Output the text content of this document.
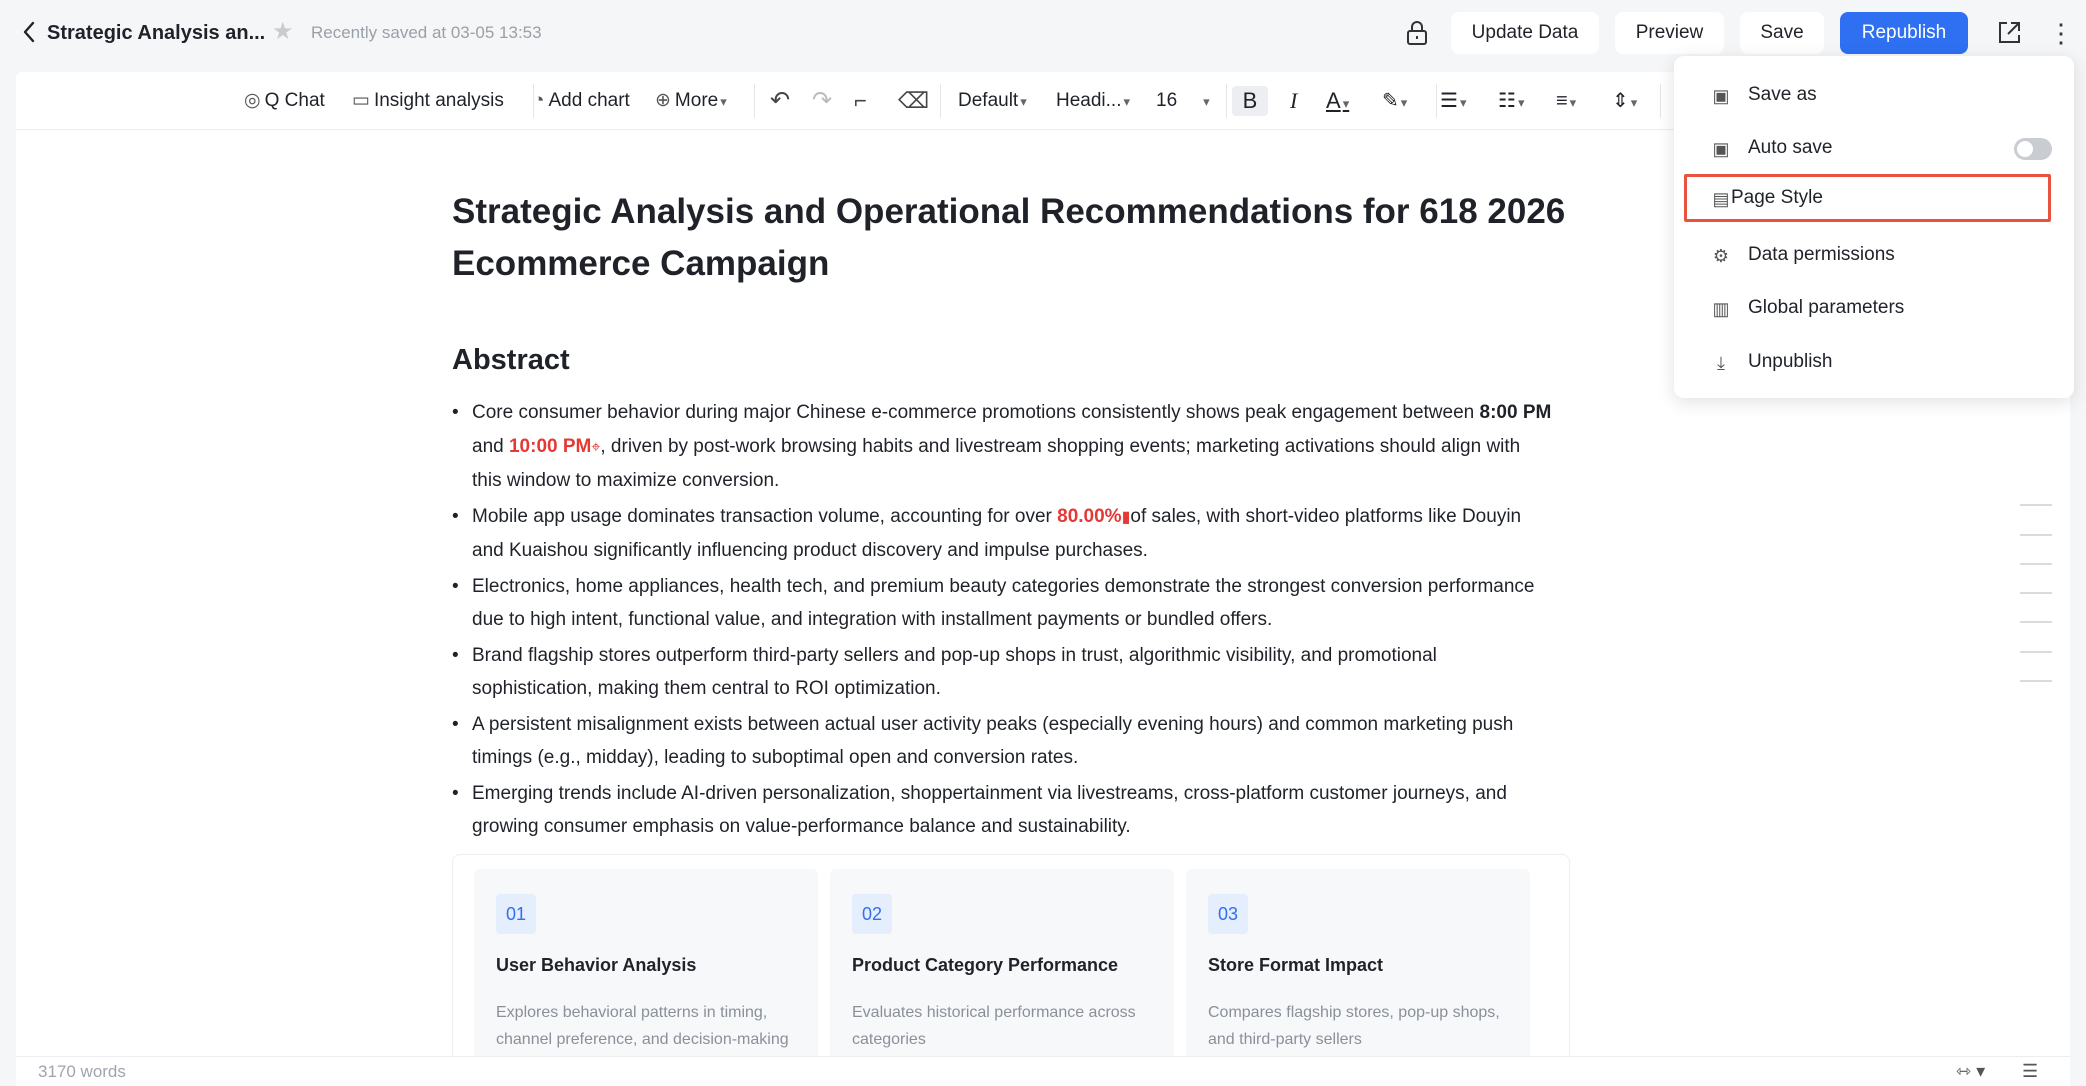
Strategic Analysis an... ★ Recently saved at 03-05 13:53	Update Data	Preview	Save	Republish	⋮
◎ Q Chat ▭ Insight analysis ◔ Add chart ⊕ More ▾ ↶ ↷ ⌐ ⌫ Default ▾ Headi... ▾ 16 ▾	B	I A ▾ ✎ ▾ ☰ ▾ ☷ ▾ ≡ ▾ ⇕ ▾
Strategic Analysis and Operational Recommendations for 618 2026 Ecommerce Campaign
Abstract
• Core consumer behavior during major Chinese e-commerce promotions consistently shows peak engagement between 8:00 PM and 10:00 PM⌖, driven by post-work browsing habits and livestream shopping events; marketing activations should align with this window to maximize conversion.
• Mobile app usage dominates transaction volume, accounting for over 80.00%▮of sales, with short-video platforms like Douyin and Kuaishou significantly influencing product discovery and impulse purchases.
• Electronics, home appliances, health tech, and premium beauty categories demonstrate the strongest conversion performance due to high intent, functional value, and integration with installment payments or bundled offers.
• Brand flagship stores outperform third-party sellers and pop-up shops in trust, algorithmic visibility, and promotional sophistication, making them central to ROI optimization.
• A persistent misalignment exists between actual user activity peaks (especially evening hours) and common marketing push timings (e.g., midday), leading to suboptimal open and conversion rates.
• Emerging trends include AI-driven personalization, shoppertainment via livestreams, cross-platform customer journeys, and growing consumer emphasis on value-performance balance and sustainability.
01
User Behavior Analysis
Explores behavioral patterns in timing, channel preference, and decision-making
02
Product Category Performance
Evaluates historical performance across categories
03
Store Format Impact
Compares flagship stores, pop-up shops, and third-party sellers
3170 words	⇿ ▾ ☰
▣ Save as
▣ Auto save
▤ Page Style
⚙ Data permissions
▥ Global parameters
⤓	Unpublish
